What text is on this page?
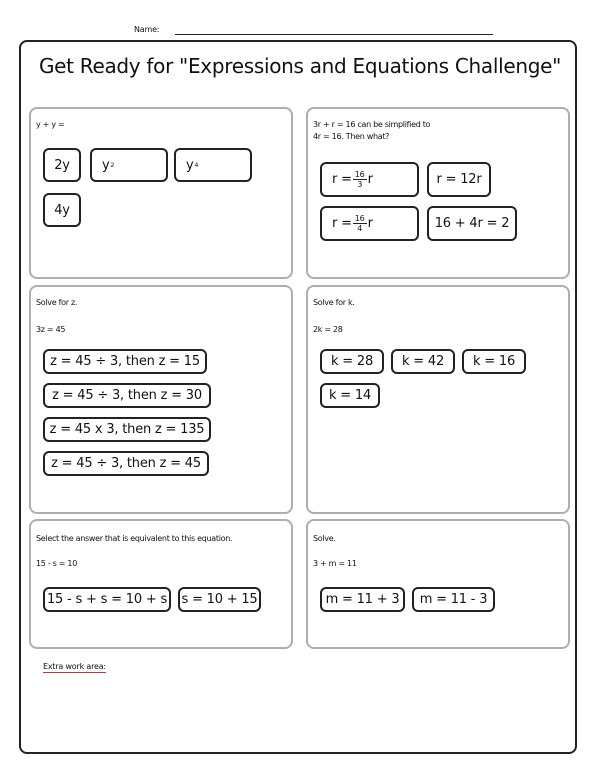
Name:
Get Ready for "Expressions and Equations Challenge"
y + y =
2y	y 2	y 4
4y
3r + r = 16 can be simplified to
4r = 16. Then what?
$r = \frac{16}{3}$ r	r = 12r
$r = \frac{16}{4}$ r	16 + 4r = 2
Solve for z.
3z = 45
z = 45 ÷ 3, then z = 15
z = 45 ÷ 3, then z = 30
z = 45 x 3, then z = 135
z = 45 ÷ 3, then z = 45
Solve for k.
2k = 28
k = 28	k = 42	k = 16
k = 14
Select the answer that is equivalent to this equation.
15 - s = 10
15 - s + s = 10 + s	s = 10 + 15
Solve.
3 + m = 11
m = 11 + 3	m = 11 - 3
Extra work area:
